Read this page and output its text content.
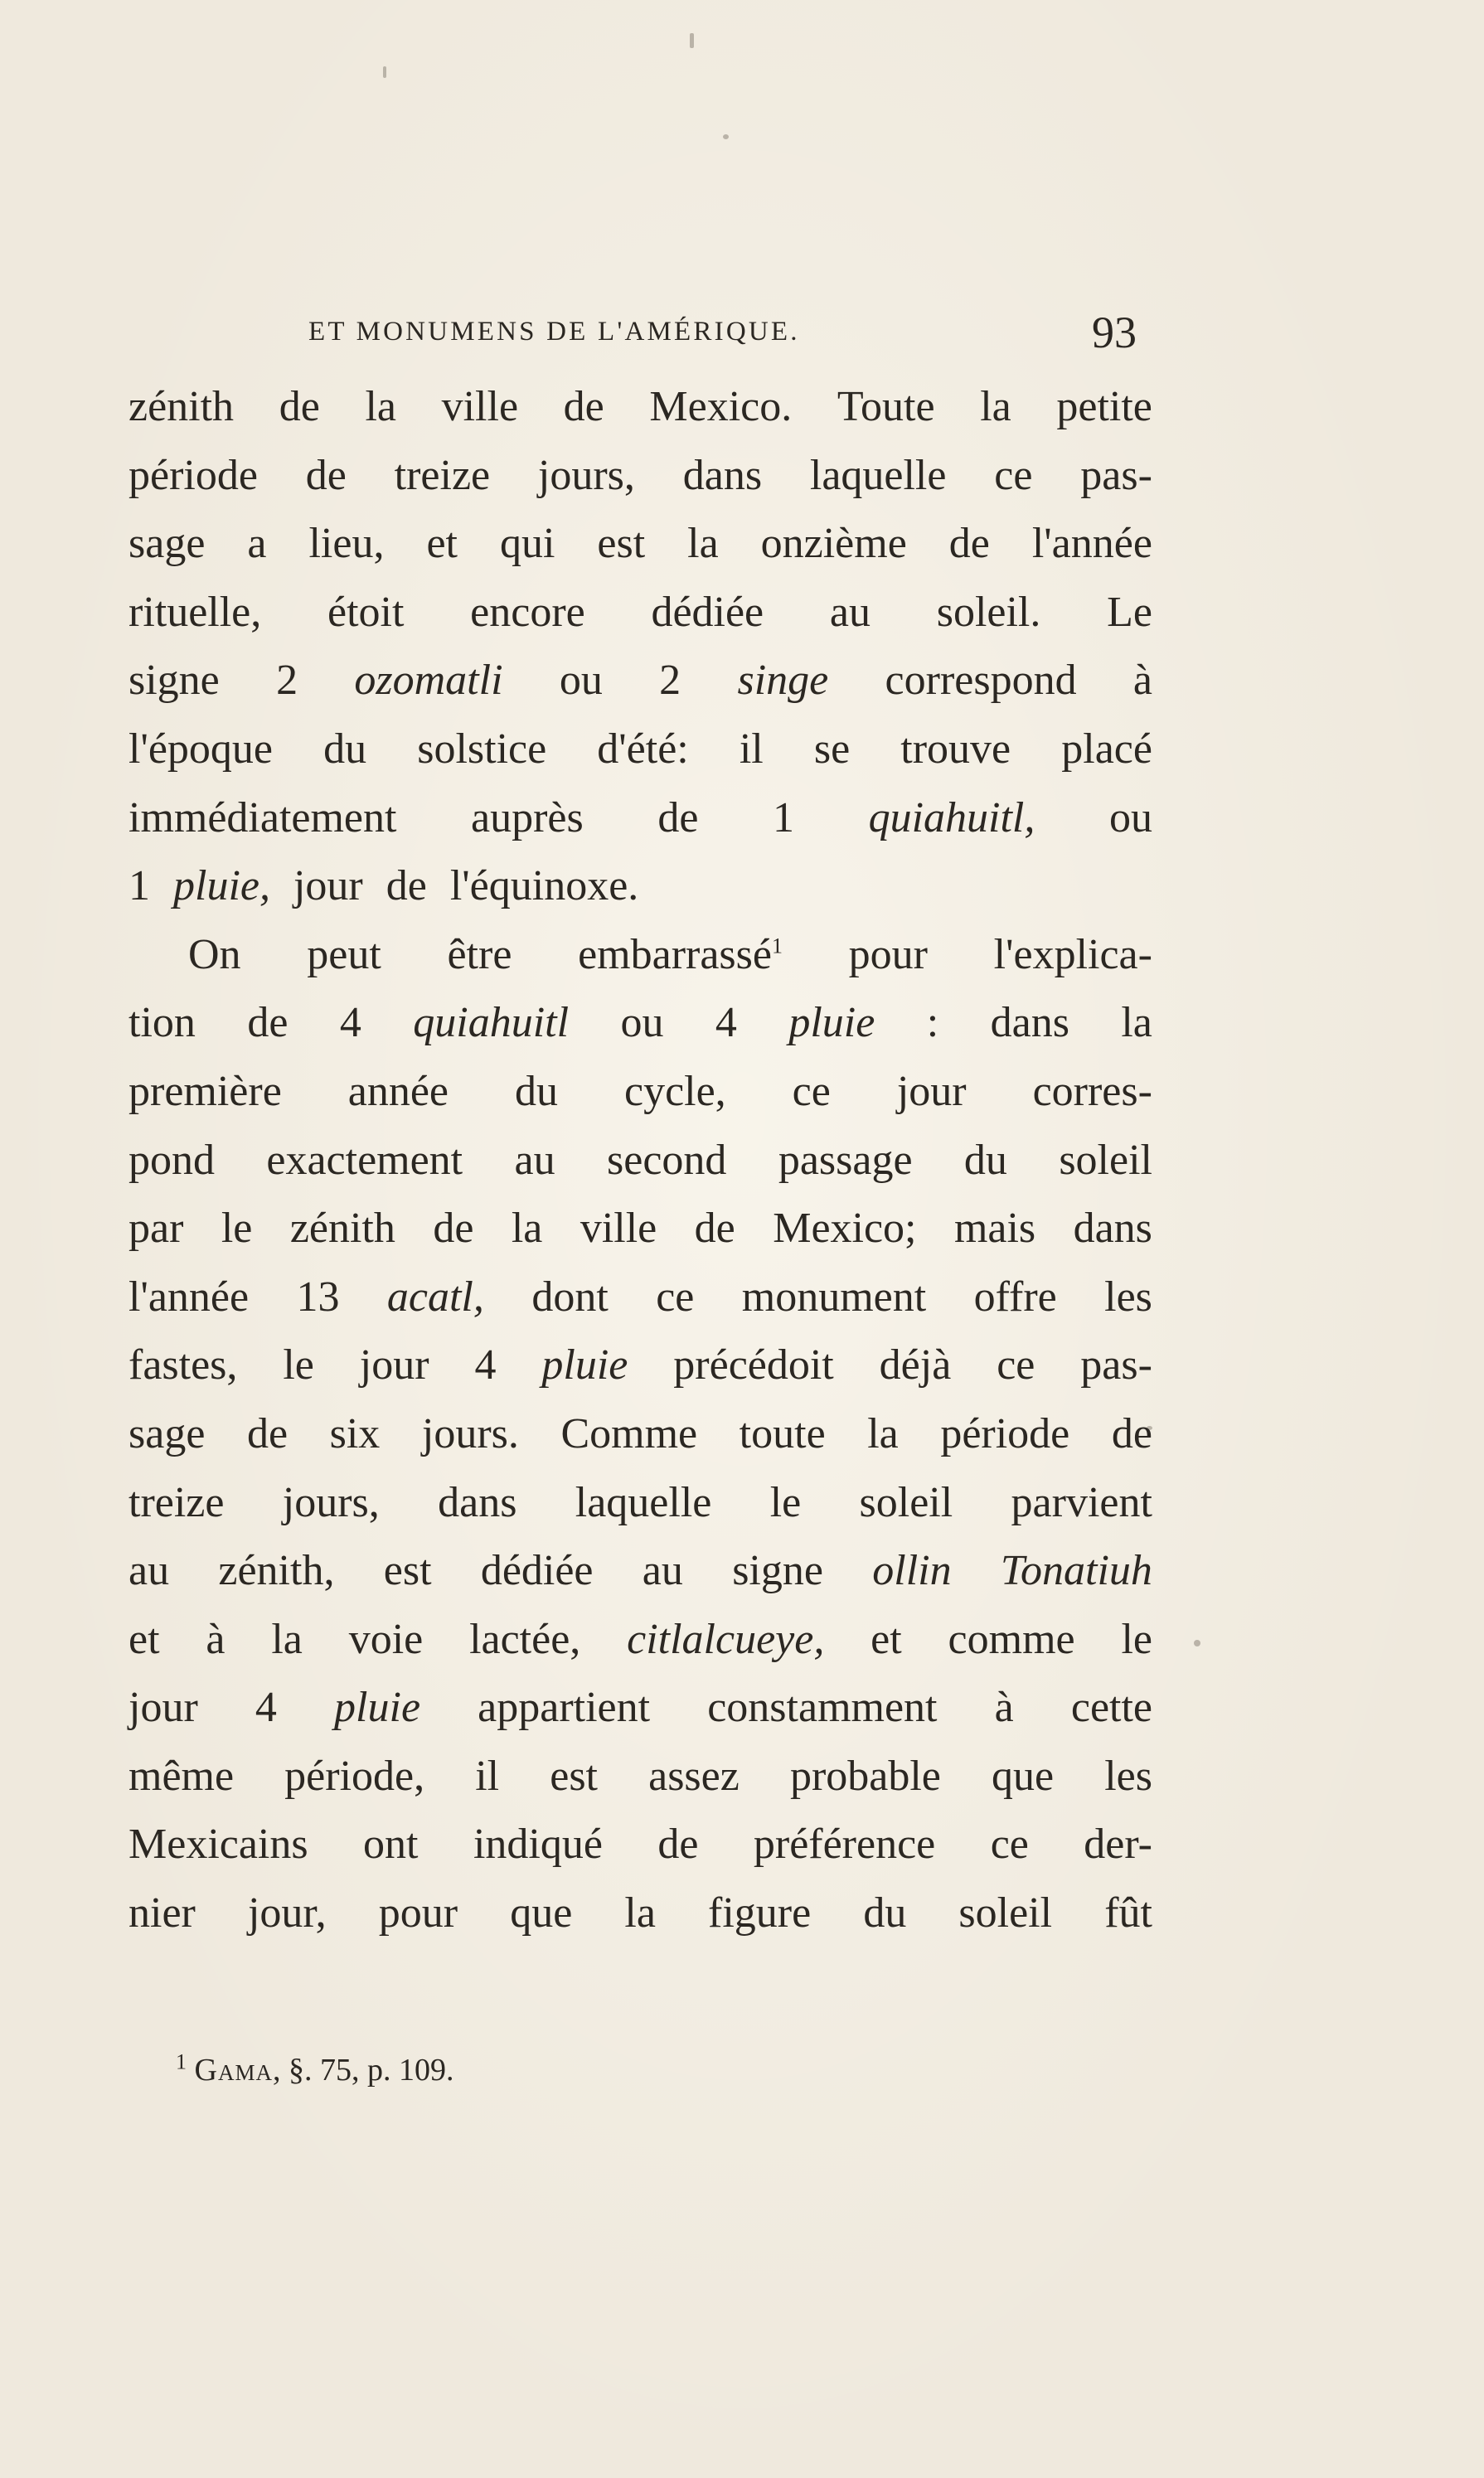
ET MONUMENS DE L'AMÉRIQUE.	93
zénith de la ville de Mexico. Toute la petite
période de treize jours, dans laquelle ce pas-
sage a lieu, et qui est la onzième de l'année
rituelle, étoit encore dédiée au soleil. Le
signe 2 ozomatli ou 2 singe correspond à
l'époque du solstice d'été: il se trouve placé
immédiatement auprès de 1 quiahuitl, ou
1 pluie, jour de l'équinoxe.
On peut être embarrassé$^1$ pour l'explica-
tion de 4 quiahuitl ou 4 pluie : dans la
première année du cycle, ce jour corres-
pond exactement au second passage du soleil
par le zénith de la ville de Mexico; mais dans
l'année 13 acatl, dont ce monument offre les
fastes, le jour 4 pluie précédoit déjà ce pas-
sage de six jours. Comme toute la période de
treize jours, dans laquelle le soleil parvient
au zénith, est dédiée au signe ollin Tonatiuh
et à la voie lactée, citlalcueye, et comme le
jour 4 pluie appartient constamment à cette
même période, il est assez probable que les
Mexicains ont indiqué de préférence ce der-
nier jour, pour que la figure du soleil fût
$^1$ Gama, §. 75, p. 109.
